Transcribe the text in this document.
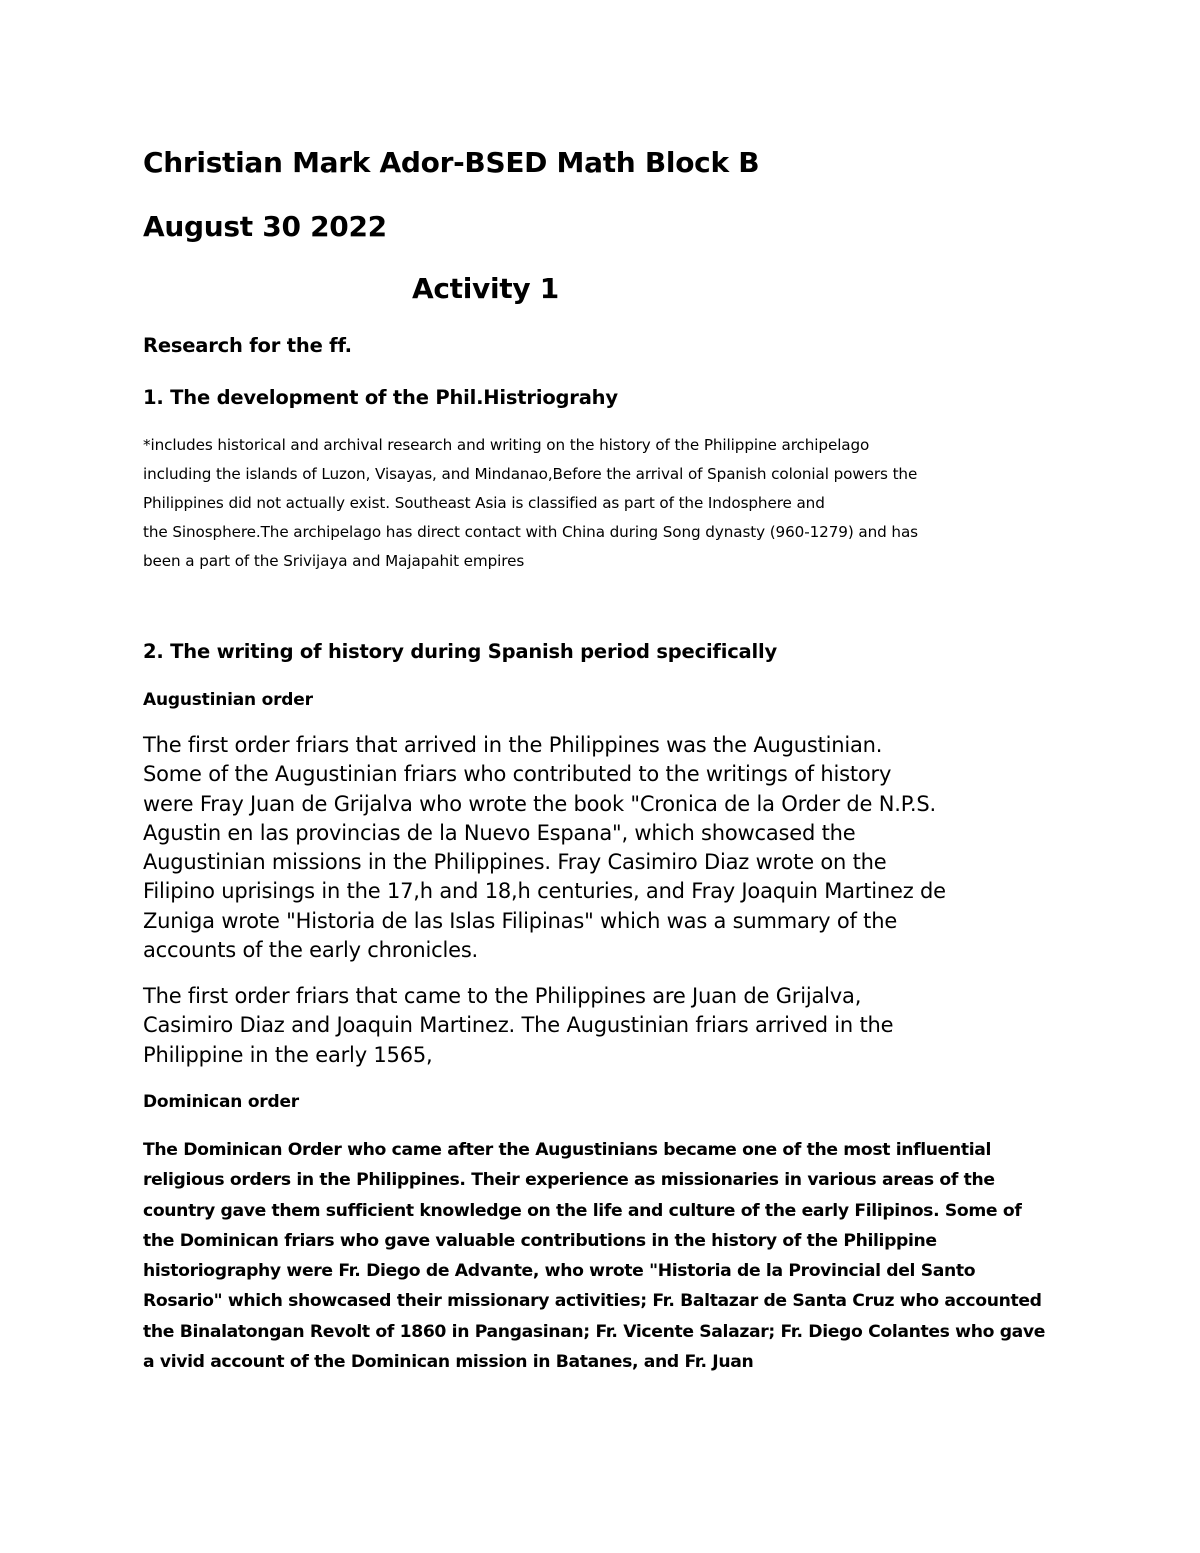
Christian Mark Ador-BSED Math Block B
August 30 2022
Activity 1

Research for the ff.

1. The development of the Phil.Histriograhy

*includes historical and archival research and writing on the history of the Philippine archipelago
including the islands of Luzon, Visayas, and Mindanao,Before the arrival of Spanish colonial powers the
Philippines did not actually exist. Southeast Asia is classified as part of the Indosphere and
the Sinosphere.The archipelago has direct contact with China during Song dynasty (960-1279) and has
been a part of the Srivijaya and Majapahit empires

2. The writing of history during Spanish period specifically

Augustinian order

The first order friars that arrived in the Philippines was the Augustinian.
Some of the Augustinian friars who contributed to the writings of history
were Fray Juan de Grijalva who wrote the book "Cronica de la Order de N.P.S.
Agustin en las provincias de la Nuevo Espana", which showcased the
Augustinian missions in the Philippines. Fray Casimiro Diaz wrote on the
Filipino uprisings in the 17,h and 18,h centuries, and Fray Joaquin Martinez de
Zuniga wrote "Historia de las Islas Filipinas" which was a summary of the
accounts of the early chronicles.

The first order friars that came to the Philippines are Juan de Grijalva,
Casimiro Diaz and Joaquin Martinez. The Augustinian friars arrived in the
Philippine in the early 1565,

Dominican order

The Dominican Order who came after the Augustinians became one of the most influential
religious orders in the Philippines. Their experience as missionaries in various areas of the
country gave them sufficient knowledge on the life and culture of the early Filipinos. Some of
the Dominican friars who gave valuable contributions in the history of the Philippine
historiography were Fr. Diego de Advante, who wrote "Historia de la Provincial del Santo
Rosario" which showcased their missionary activities; Fr. Baltazar de Santa Cruz who accounted
the Binalatongan Revolt of 1860 in Pangasinan; Fr. Vicente Salazar; Fr. Diego Colantes who gave
a vivid account of the Dominican mission in Batanes, and Fr. Juan
